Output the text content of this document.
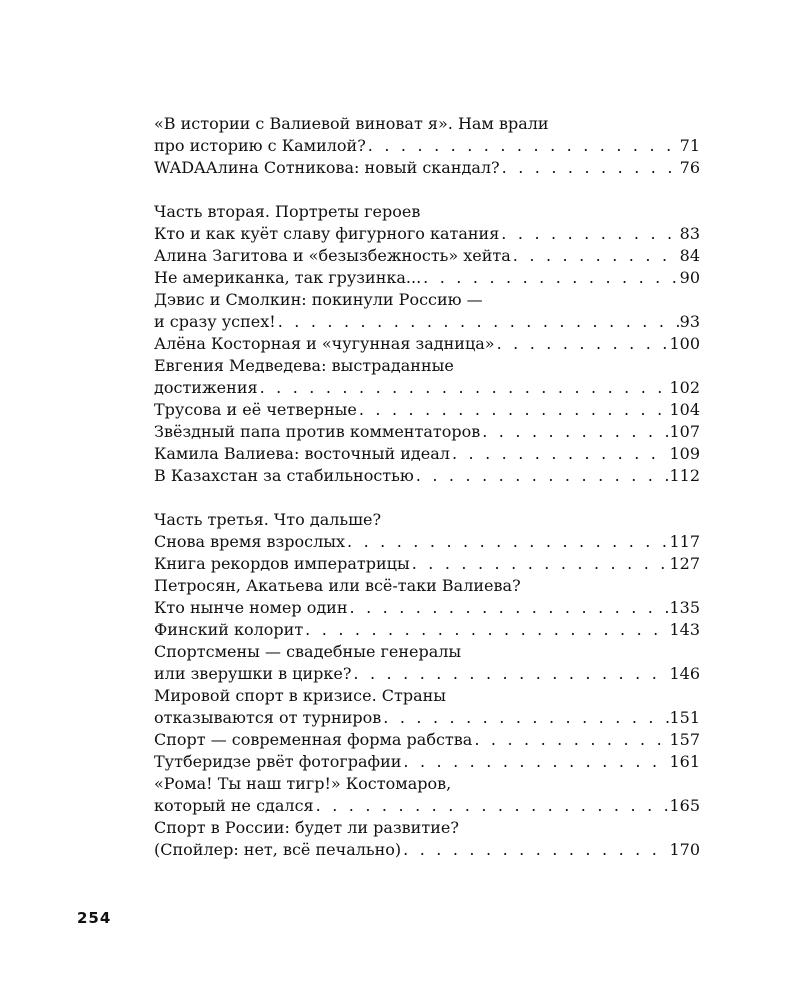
«В истории с Валиевой виноват я». Нам врали
про историю с Камилой? . . .	71
WADAАлина Сотникова: новый скандал? . . .	76
Часть вторая. Портреты героев
Кто и как куёт славу фигурного катания . . .	83
Алина Загитова и «безызбежность» хейта . . .	84
Не американка, так грузинка... . . .	90
Дэвис и Смолкин: покинули Россию —
и сразу успех! . . .	93
Алёна Косторная и «чугунная задница» . . .	100
Евгения Медведева: выстраданные
достижения . . .	102
Трусова и её четверные . . .	104
Звёздный папа против комментаторов . . .	107
Камила Валиева: восточный идеал . . .	109
В Казахстан за стабильностью . . .	112
Часть третья. Что дальше?
Снова время взрослых . . .	117
Книга рекордов императрицы . . .	127
Петросян, Акатьева или всё-таки Валиева?
Кто нынче номер один . . .	135
Финский колорит . . .	143
Спортсмены — свадебные генералы
или зверушки в цирке? . . .	146
Мировой спорт в кризисе. Страны
отказываются от турниров . . .	151
Спорт — современная форма рабства . . .	157
Тутберидзе рвёт фотографии . . .	161
«Рома! Ты наш тигр!» Костомаров,
который не сдался . . .	165
Спорт в России: будет ли развитие?
(Спойлер: нет, всё печально) . . .	170
254
